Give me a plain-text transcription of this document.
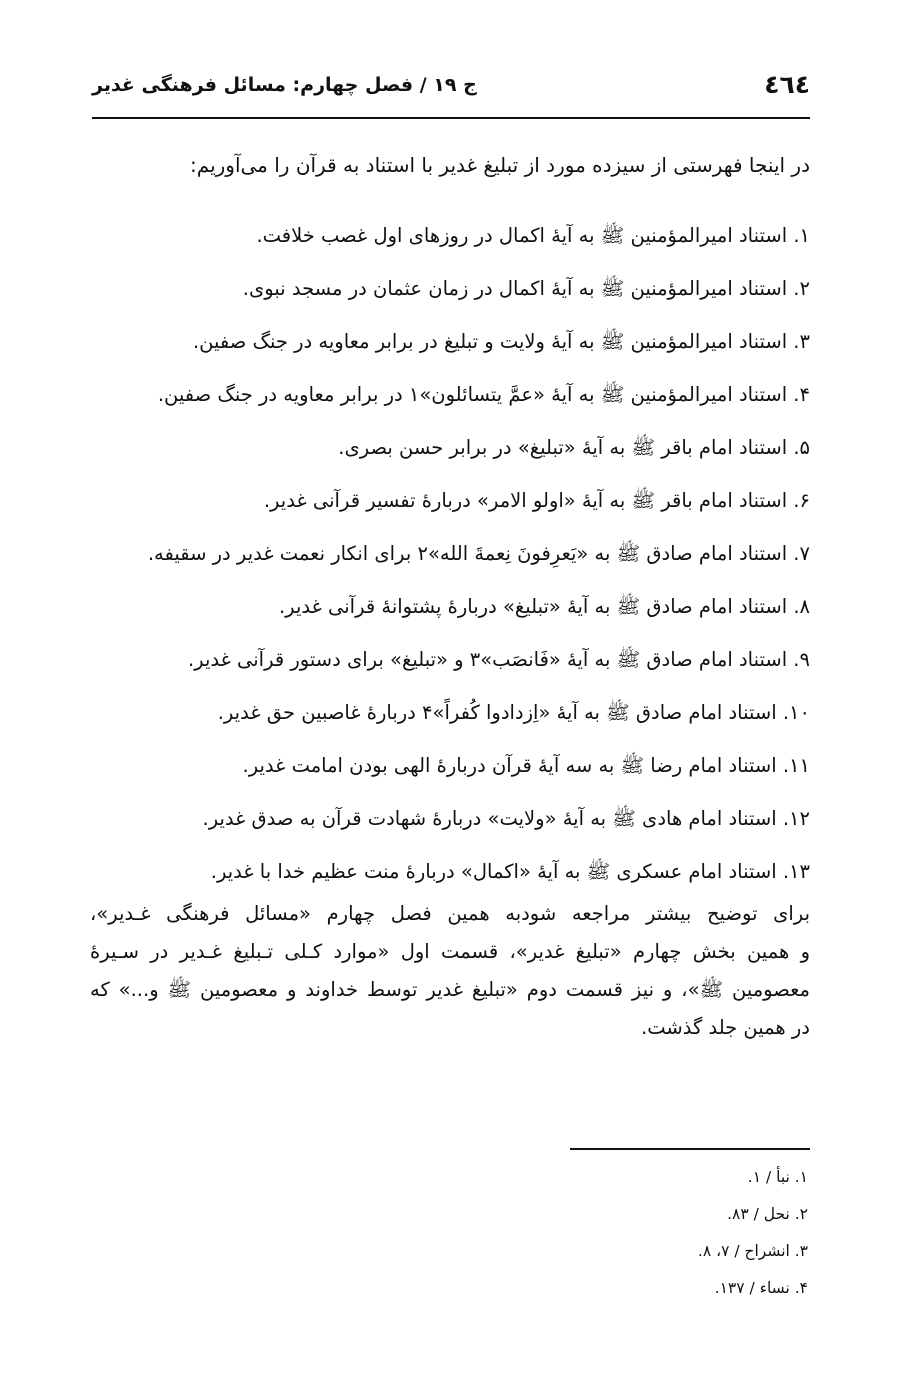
٤٦٤
ج ۱۹ / فصل چهارم: مسائل فرهنگی غدیر
در اینجا فهرستی از سیزده مورد از تبلیغ غدیر با استناد به قرآن را می‌آوریم:
۱. استناد امیرالمؤمنین ﷺ به آیهٔ اکمال در روزهای اول غصب خلافت.
۲. استناد امیرالمؤمنین ﷺ به آیهٔ اکمال در زمان عثمان در مسجد نبوی.
۳. استناد امیرالمؤمنین ﷺ به آیهٔ ولایت و تبلیغ در برابر معاویه در جنگ صفین.
۴. استناد امیرالمؤمنین ﷺ به آیهٔ «عمَّ یتسائلون»۱ در برابر معاویه در جنگ صفین.
۵. استناد امام باقر ﷺ به آیهٔ «تبلیغ» در برابر حسن بصری.
۶. استناد امام باقر ﷺ به آیهٔ «اولو الامر» دربارهٔ تفسیر قرآنی غدیر.
۷. استناد امام صادق ﷺ به «یَعرِفونَ نِعمةَ الله»۲ برای انکار نعمت غدیر در سقیفه.
۸. استناد امام صادق ﷺ به آیهٔ «تبلیغ» دربارهٔ پشتوانهٔ قرآنی غدیر.
۹. استناد امام صادق ﷺ به آیهٔ «فَانصَب»۳ و «تبلیغ» برای دستور قرآنی غدیر.
۱۰. استناد امام صادق ﷺ به آیهٔ «اِزدادوا کُفراً»۴ دربارهٔ غاصبین حق غدیر.
۱۱. استناد امام رضا ﷺ به سه آیهٔ قرآن دربارهٔ الهی بودن امامت غدیر.
۱۲. استناد امام هادی ﷺ به آیهٔ «ولایت» دربارهٔ شهادت قرآن به صدق غدیر.
۱۳. استناد امام عسکری ﷺ به آیهٔ «اکمال» دربارهٔ منت عظیم خدا با غدیر.
برای توضیح بیشتر مراجعه شودبه همین فصل چهارم «مسائل فرهنگی غـدیر»،
و همین بخش چهارم «تبلیغ غدیر»، قسمت اول «موارد کـلی تـبلیغ غـدیر در سـیرهٔ
معصومین ﷺ»، و نیز قسمت دوم «تبلیغ غدیر توسط خداوند و معصومین ﷺ و...» که
در همین جلد گذشت.
۱. نبأ / ۱.
۲. نحل / ۸۳.
۳. انشراح / ۷، ۸.
۴. نساء / ۱۳۷.
